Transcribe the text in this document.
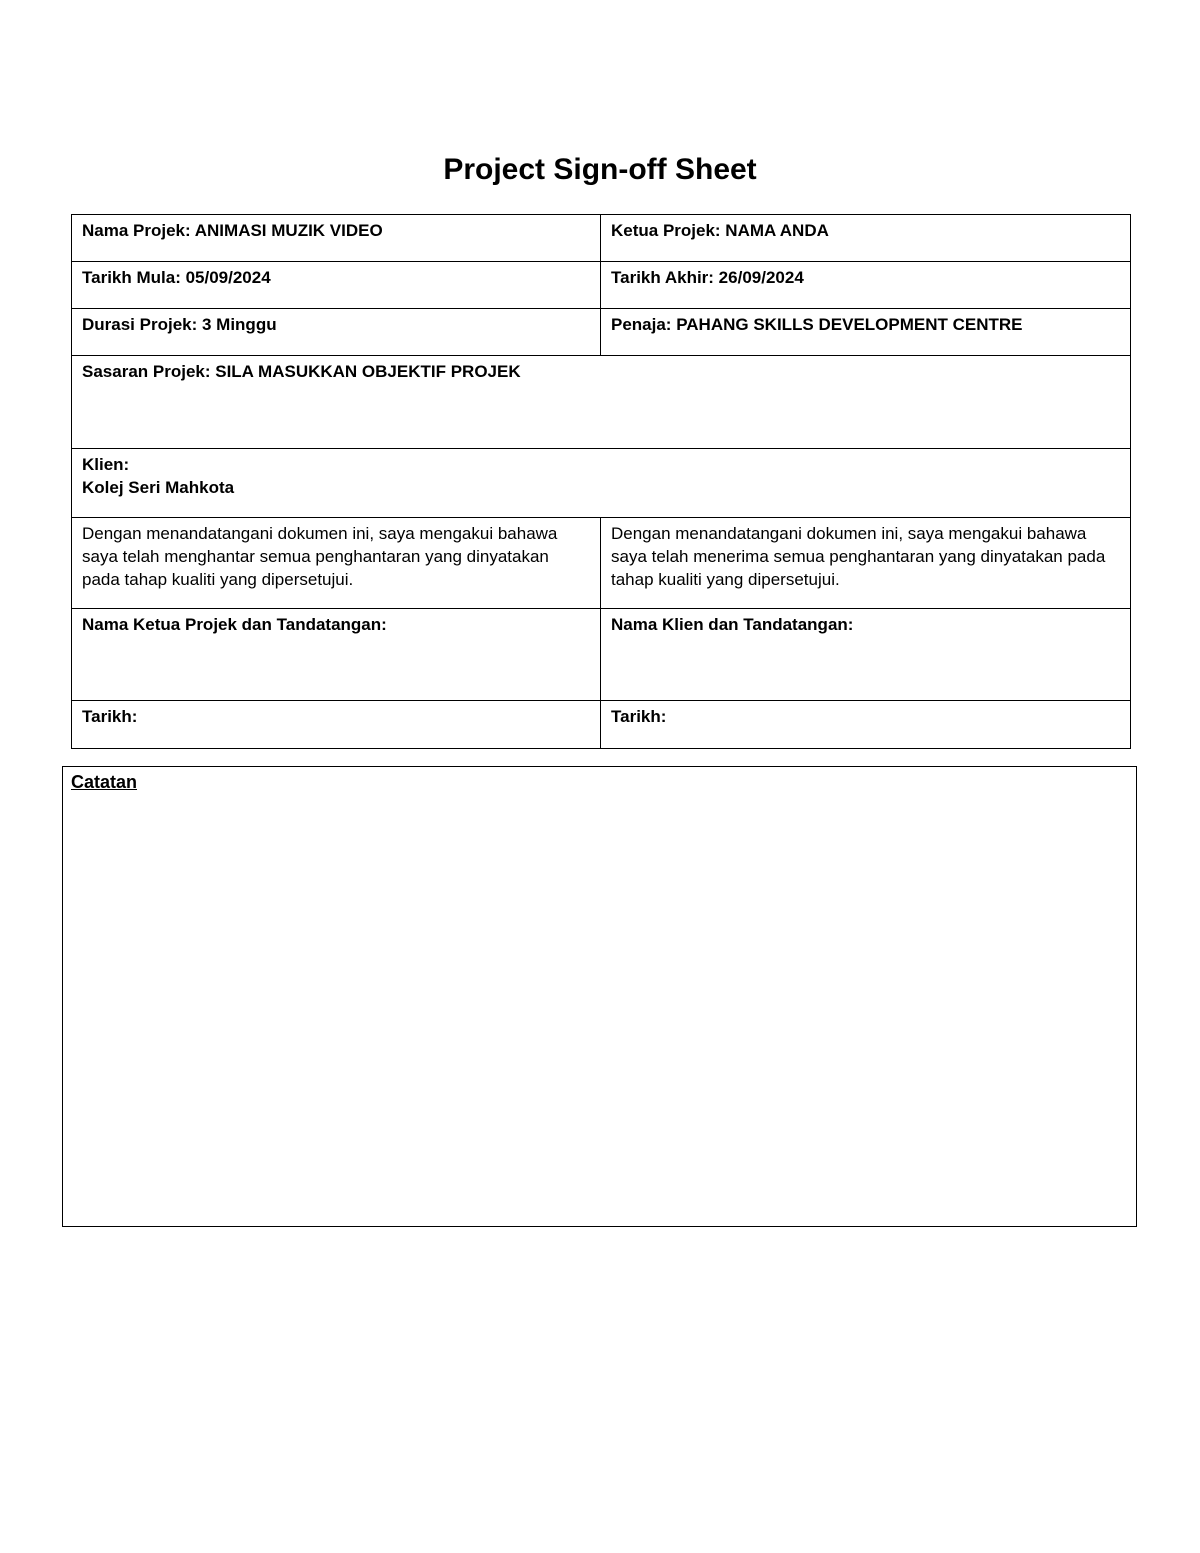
Project Sign-off Sheet
Nama Projek: ANIMASI MUZIK VIDEO	Ketua Projek: NAMA ANDA
Tarikh Mula: 05/09/2024	Tarikh Akhir: 26/09/2024
Durasi Projek: 3 Minggu	Penaja: PAHANG SKILLS DEVELOPMENT CENTRE
Sasaran Projek: SILA MASUKKAN OBJEKTIF PROJEK	

Klien:
Kolej Seri Mahkota	

Dengan menandatangani dokumen ini, saya mengakui bahawa saya telah menghantar semua penghantaran yang dinyatakan pada tahap kualiti yang dipersetujui.	Dengan menandatangani dokumen ini, saya mengakui bahawa saya telah menerima semua penghantaran yang dinyatakan pada tahap kualiti yang dipersetujui.
Nama Ketua Projek dan Tandatangan:	Nama Klien dan Tandatangan:
Tarikh:	Tarikh:
Catatan
